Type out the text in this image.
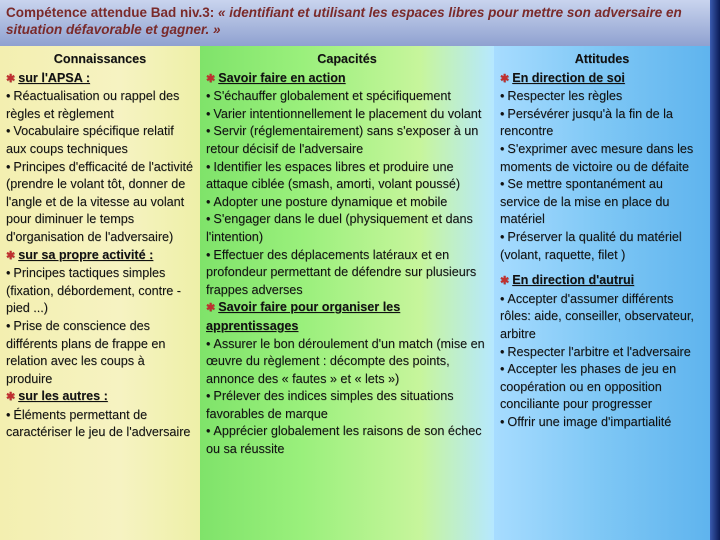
Compétence attendue Bad niv.3: « identifiant et utilisant les espaces libres pour mettre son adversaire en situation défavorable et gagner. »
Connaissances
✱ sur l'APSA :
• Réactualisation ou rappel des règles et règlement
• Vocabulaire spécifique relatif aux coups techniques
• Principes d'efficacité de l'activité (prendre le volant tôt, donner de l'angle et de la vitesse au volant pour diminuer le temps d'organisation de l'adversaire)
✱ sur sa propre activité :
• Principes tactiques simples (fixation, débordement, contre -pied ...)
• Prise de conscience des différents plans de frappe en relation avec les coups à produire
✱ sur les autres :
• Éléments permettant de caractériser le jeu de l'adversaire
Capacités
✱ Savoir faire en action
• S'échauffer globalement et spécifiquement
• Varier intentionnellement le placement du volant
• Servir (réglementairement) sans s'exposer à un retour décisif de l'adversaire
• Identifier les espaces libres et produire une attaque ciblée (smash, amorti, volant poussé)
• Adopter une posture dynamique et mobile
• S'engager dans le duel (physiquement et dans l'intention)
• Effectuer des déplacements latéraux et en profondeur permettant de défendre sur plusieurs frappes adverses
✱ Savoir faire pour organiser les apprentissages
• Assurer le bon déroulement d'un match (mise en œuvre du règlement : décompte des points, annonce des « fautes » et « lets »)
• Prélever des indices simples des situations favorables de marque
• Apprécier globalement les raisons de son échec ou sa réussite
Attitudes
✱ En direction de soi
• Respecter les règles
• Persévérer jusqu'à la fin de la rencontre
• S'exprimer avec mesure dans les moments de victoire ou de défaite
• Se mettre spontanément au service de la mise en place du matériel
• Préserver la qualité du matériel (volant, raquette, filet )
✱ En direction d'autrui
• Accepter d'assumer différents rôles: aide, conseiller, observateur, arbitre
• Respecter l'arbitre et l'adversaire
• Accepter les phases de jeu en coopération ou en opposition conciliante pour progresser
• Offrir une image d'impartialité
